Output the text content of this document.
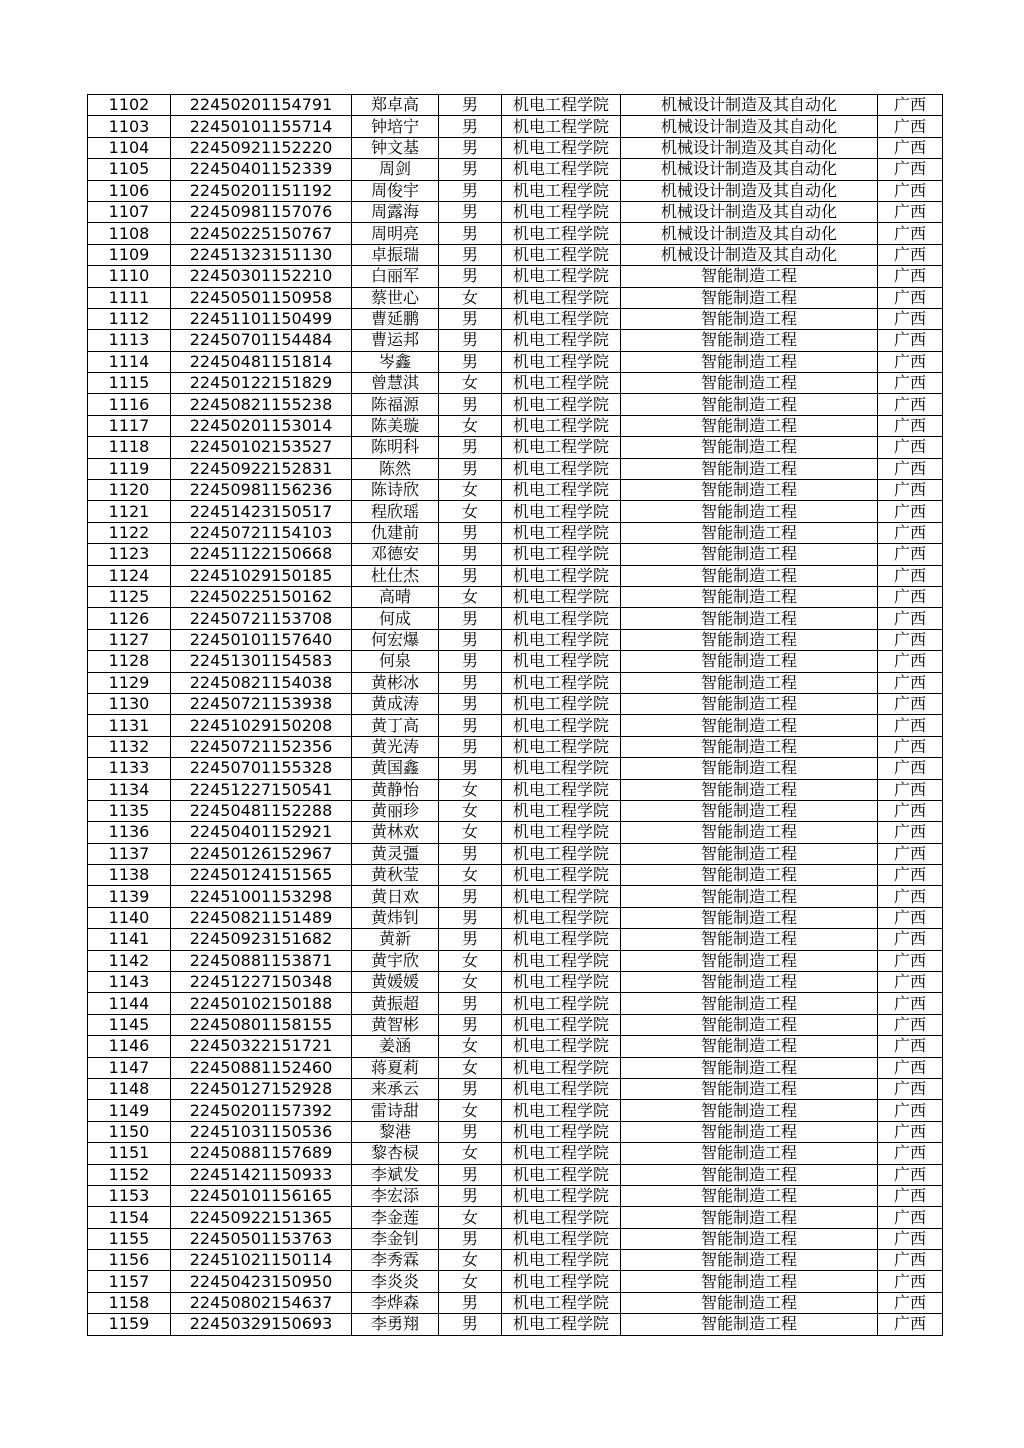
1102	22450201154791	郑卓高	男	机电工程学院	机械设计制造及其自动化	广西
1103	22450101155714	钟培宁	男	机电工程学院	机械设计制造及其自动化	广西
1104	22450921152220	钟文基	男	机电工程学院	机械设计制造及其自动化	广西
1105	22450401152339	周剑	男	机电工程学院	机械设计制造及其自动化	广西
1106	22450201151192	周俊宇	男	机电工程学院	机械设计制造及其自动化	广西
1107	22450981157076	周露海	男	机电工程学院	机械设计制造及其自动化	广西
1108	22450225150767	周明亮	男	机电工程学院	机械设计制造及其自动化	广西
1109	22451323151130	卓振瑞	男	机电工程学院	机械设计制造及其自动化	广西
1110	22450301152210	白丽军	男	机电工程学院	智能制造工程	广西
1111	22450501150958	蔡世心	女	机电工程学院	智能制造工程	广西
1112	22451101150499	曹延鹏	男	机电工程学院	智能制造工程	广西
1113	22450701154484	曹运邦	男	机电工程学院	智能制造工程	广西
1114	22450481151814	岑鑫	男	机电工程学院	智能制造工程	广西
1115	22450122151829	曾慧淇	女	机电工程学院	智能制造工程	广西
1116	22450821155238	陈福源	男	机电工程学院	智能制造工程	广西
1117	22450201153014	陈美璇	女	机电工程学院	智能制造工程	广西
1118	22450102153527	陈明科	男	机电工程学院	智能制造工程	广西
1119	22450922152831	陈然	男	机电工程学院	智能制造工程	广西
1120	22450981156236	陈诗欣	女	机电工程学院	智能制造工程	广西
1121	22451423150517	程欣瑶	女	机电工程学院	智能制造工程	广西
1122	22450721154103	仇建前	男	机电工程学院	智能制造工程	广西
1123	22451122150668	邓德安	男	机电工程学院	智能制造工程	广西
1124	22451029150185	杜仕杰	男	机电工程学院	智能制造工程	广西
1125	22450225150162	高晴	女	机电工程学院	智能制造工程	广西
1126	22450721153708	何成	男	机电工程学院	智能制造工程	广西
1127	22450101157640	何宏爆	男	机电工程学院	智能制造工程	广西
1128	22451301154583	何泉	男	机电工程学院	智能制造工程	广西
1129	22450821154038	黄彬冰	男	机电工程学院	智能制造工程	广西
1130	22450721153938	黄成涛	男	机电工程学院	智能制造工程	广西
1131	22451029150208	黄丁高	男	机电工程学院	智能制造工程	广西
1132	22450721152356	黄光涛	男	机电工程学院	智能制造工程	广西
1133	22450701155328	黄国鑫	男	机电工程学院	智能制造工程	广西
1134	22451227150541	黄静怡	女	机电工程学院	智能制造工程	广西
1135	22450481152288	黄丽珍	女	机电工程学院	智能制造工程	广西
1136	22450401152921	黄林欢	女	机电工程学院	智能制造工程	广西
1137	22450126152967	黄灵彊	男	机电工程学院	智能制造工程	广西
1138	22450124151565	黄秋莹	女	机电工程学院	智能制造工程	广西
1139	22451001153298	黄日欢	男	机电工程学院	智能制造工程	广西
1140	22450821151489	黄炜钊	男	机电工程学院	智能制造工程	广西
1141	22450923151682	黄新	男	机电工程学院	智能制造工程	广西
1142	22450881153871	黄宇欣	女	机电工程学院	智能制造工程	广西
1143	22451227150348	黄媛媛	女	机电工程学院	智能制造工程	广西
1144	22450102150188	黄振超	男	机电工程学院	智能制造工程	广西
1145	22450801158155	黄智彬	男	机电工程学院	智能制造工程	广西
1146	22450322151721	姜涵	女	机电工程学院	智能制造工程	广西
1147	22450881152460	蒋夏莉	女	机电工程学院	智能制造工程	广西
1148	22450127152928	来承云	男	机电工程学院	智能制造工程	广西
1149	22450201157392	雷诗甜	女	机电工程学院	智能制造工程	广西
1150	22451031150536	黎港	男	机电工程学院	智能制造工程	广西
1151	22450881157689	黎杏棂	女	机电工程学院	智能制造工程	广西
1152	22451421150933	李斌发	男	机电工程学院	智能制造工程	广西
1153	22450101156165	李宏添	男	机电工程学院	智能制造工程	广西
1154	22450922151365	李金莲	女	机电工程学院	智能制造工程	广西
1155	22450501153763	李金钊	男	机电工程学院	智能制造工程	广西
1156	22451021150114	李秀霖	女	机电工程学院	智能制造工程	广西
1157	22450423150950	李炎炎	女	机电工程学院	智能制造工程	广西
1158	22450802154637	李烨森	男	机电工程学院	智能制造工程	广西
1159	22450329150693	李勇翔	男	机电工程学院	智能制造工程	广西
